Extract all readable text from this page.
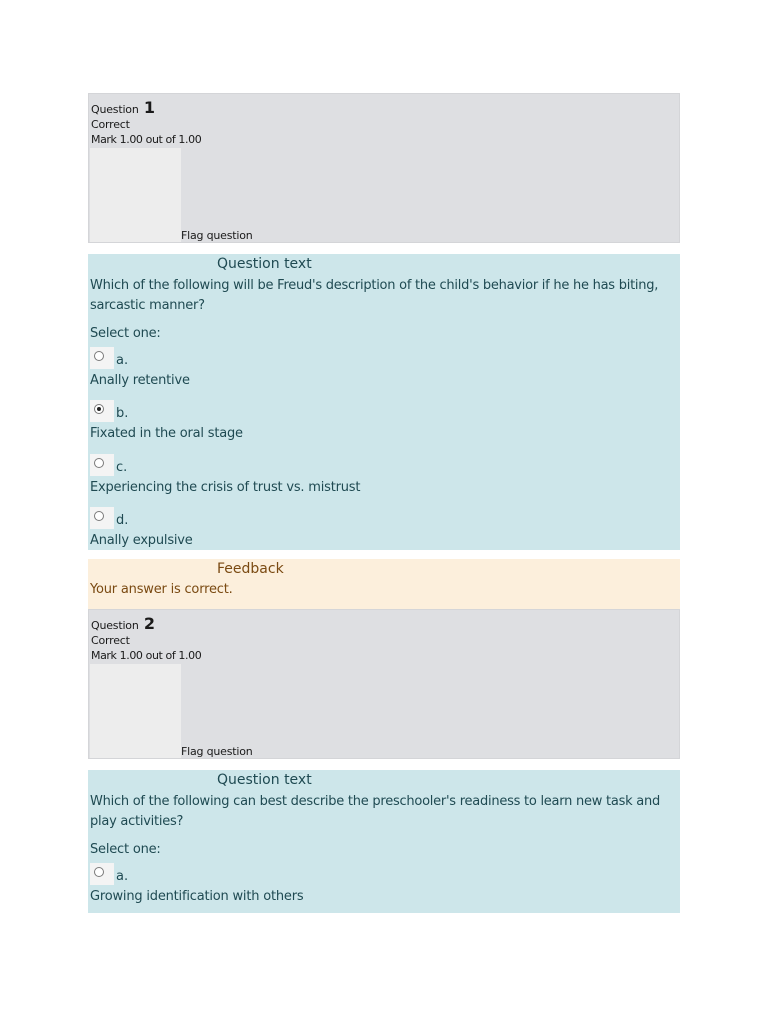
Question 1
Correct
Mark 1.00 out of 1.00
Flag question
Question text
Which of the following will be Freud's description of the child's behavior if he he has biting, sarcastic manner?
Select one:
a.
Anally retentive
b.
Fixated in the oral stage
c.
Experiencing the crisis of trust vs. mistrust
d.
Anally expulsive
Feedback
Your answer is correct.
Question 2
Correct
Mark 1.00 out of 1.00
Flag question
Question text
Which of the following can best describe the preschooler's readiness to learn new task and play activities?
Select one:
a.
Growing identification with others
